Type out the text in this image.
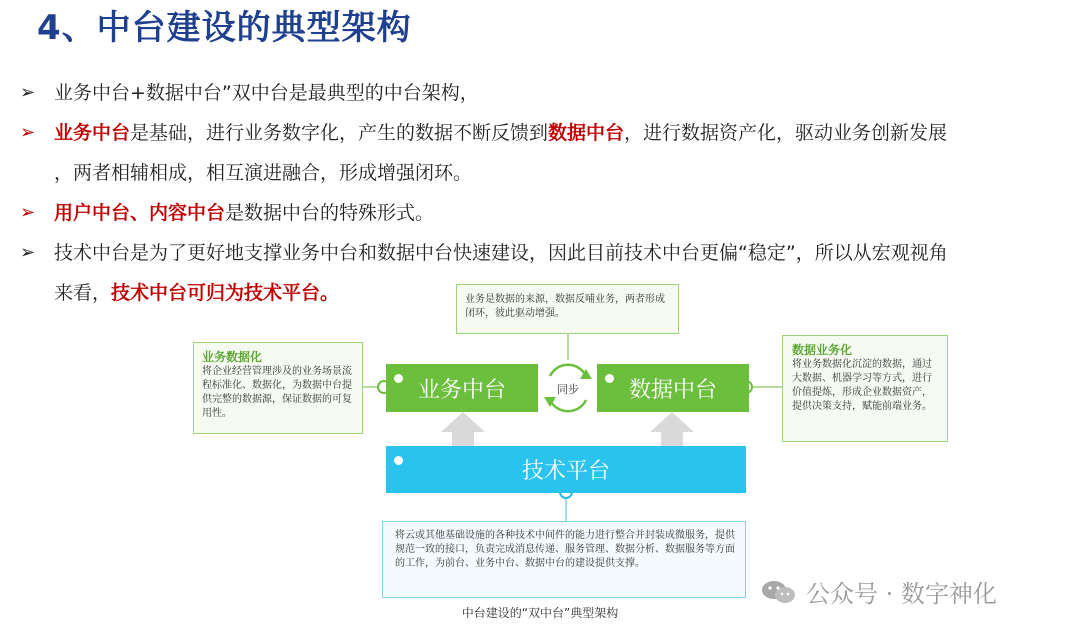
4、中台建设的典型架构
➢ 业务中台+数据中台”双中台是最典型的中台架构，
➢ 业务中台是基础，进行业务数字化，产生的数据不断反馈到数据中台，进行数据资产化，驱动业务创新发展
，两者相辅相成，相互演进融合，形成增强闭环。
➢ 用户中台、内容中台是数据中台的特殊形式。
➢ 技术中台是为了更好地支撑业务中台和数据中台快速建设，因此目前技术中台更偏“稳定”，所以从宏观视角
来看，技术中台可归为技术平台。	业务是数据的来源，数据反哺业务，两者形成闭环，彼此驱动增强。
业务数据化
将企业经营管理涉及的业务场景流程标准化、数据化，为数据中台提供完整的数据源，保证数据的可复用性。
数据业务化
将业务数据化沉淀的数据，通过大数据、机器学习等方式，进行价值提炼，形成企业数据资产，提供决策支持，赋能前端业务。
业务中台	同步	数据中台
技术平台
将云或其他基础设施的各种技术中间件的能力进行整合并封装成微服务，提供规范一致的接口，负责完成消息传递、服务管理、数据分析、数据服务等方面的工作，为前台、业务中台、数据中台的建设提供支撑。
中台建设的“双中台”典型架构
公众号 · 数字神化
